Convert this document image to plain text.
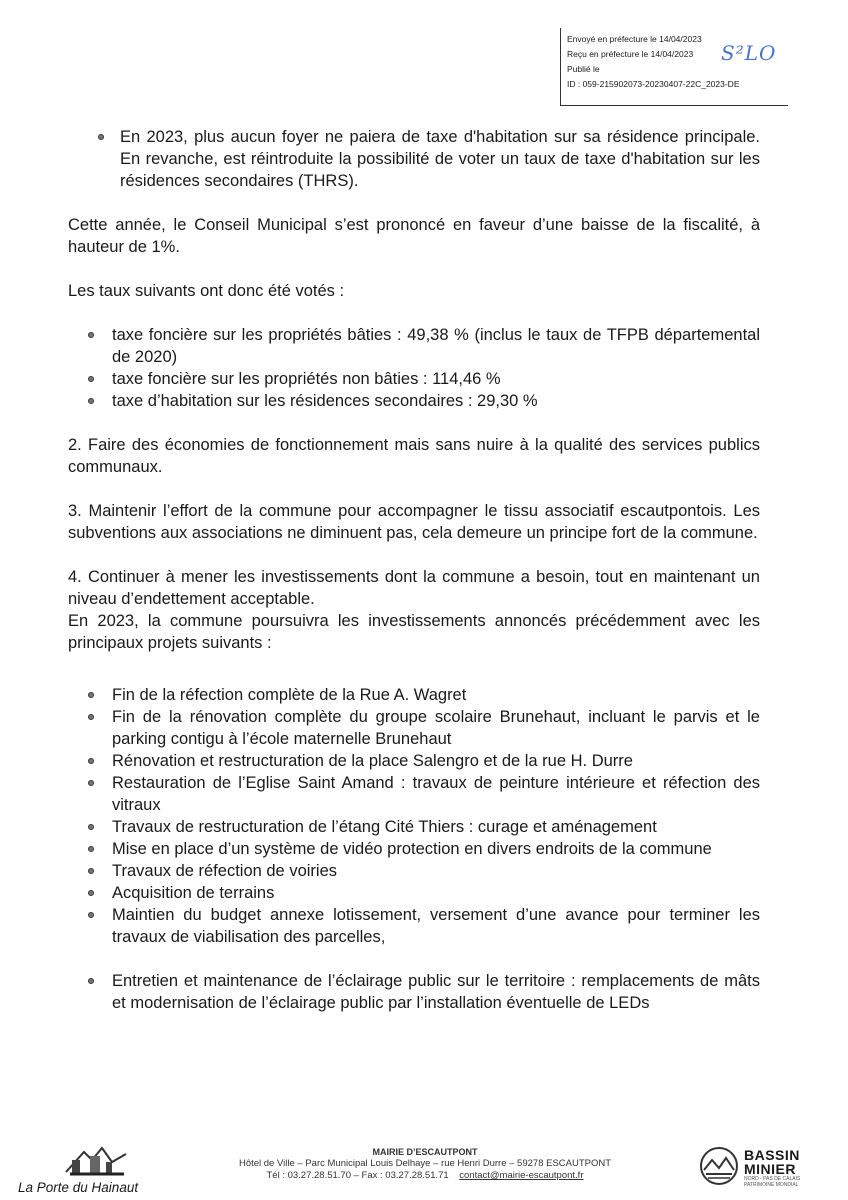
Envoyé en préfecture le 14/04/2023
Reçu en préfecture le 14/04/2023
Publié le
ID : 059-215902073-20230407-22C_2023-DE
S²LO
En 2023, plus aucun foyer ne paiera de taxe d'habitation sur sa résidence principale. En revanche, est réintroduite la possibilité de voter un taux de taxe d'habitation sur les résidences secondaires (THRS).

Cette année, le Conseil Municipal s’est prononcé en faveur d’une baisse de la fiscalité, à hauteur de 1%.

Les taux suivants ont donc été votés :

taxe foncière sur les propriétés bâties : 49,38 % (inclus le taux de TFPB départemental de 2020)
taxe foncière sur les propriétés non bâties : 114,46 %
taxe d’habitation sur les résidences secondaires : 29,30 %

2. Faire des économies de fonctionnement mais sans nuire à la qualité des services publics communaux.

3. Maintenir l’effort de la commune pour accompagner le tissu associatif escautpontois. Les subventions aux associations ne diminuent pas, cela demeure un principe fort de la commune.

4. Continuer à mener les investissements dont la commune a besoin, tout en maintenant un niveau d’endettement acceptable.

En 2023, la commune poursuivra les investissements annoncés précédemment avec les principaux projets suivants :

Fin de la réfection complète de la Rue A. Wagret
Fin de la rénovation complète du groupe scolaire Brunehaut, incluant le parvis et le parking contigu à l’école maternelle Brunehaut
Rénovation et restructuration de la place Salengro et de la rue H. Durre
Restauration de l’Eglise Saint Amand : travaux de peinture intérieure et réfection des vitraux
Travaux de restructuration de l’étang Cité Thiers : curage et aménagement
Mise en place d’un système de vidéo protection en divers endroits de la commune
Travaux de réfection de voiries
Acquisition de terrains
Maintien du budget annexe lotissement, versement d’une avance pour terminer les travaux de viabilisation des parcelles,
Entretien et maintenance de l’éclairage public sur le territoire : remplacements de mâts et modernisation de l’éclairage public par l’installation éventuelle de LEDs
La Porte du Hainaut
MAIRIE D’ESCAUTPONT
Hôtel de Ville – Parc Municipal Louis Delhaye – rue Henri Durre – 59278 ESCAUTPONT
Tél : 03.27.28.51.70 – Fax : 03.27.28.51.71 contact@mairie-escautpont.fr
BASSIN
MINIER
NORD - PAS DE CALAIS PATRIMOINE MONDIAL
